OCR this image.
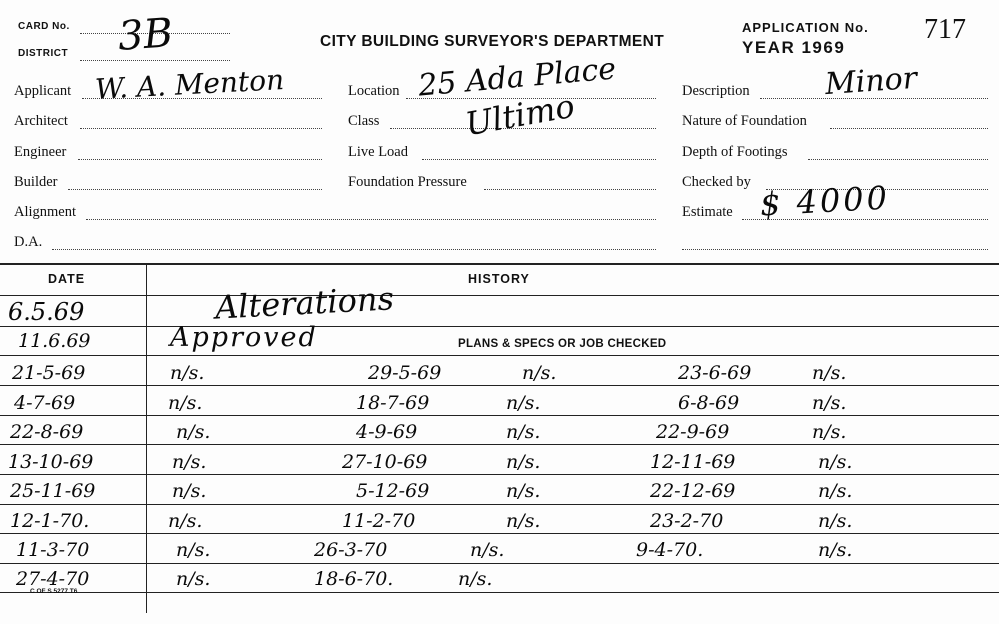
CARD No.
DISTRICT 3B	CITY BUILDING SURVEYOR'S DEPARTMENT
APPLICATION No.
YEAR 1969
717
Applicant W. A. Menton
Architect
Engineer
Builder
Alignment
D.A.
Location 25 Ada Place
Class	Ultimo
Live Load
Foundation Pressure
Description Minor
Nature of Foundation
Depth of Footings
Checked by
Estimate $ 4000
DATE	HISTORY
6.5.69	Alterations
11.6.69	Approved	PLANS & SPECS OR JOB CHECKED
21-5-69	n/s.	29-5-69	n/s.	23-6-69	n/s.
4-7-69	n/s.	18-7-69	n/s.	6-8-69	n/s.
22-8-69	n/s.	4-9-69	n/s.	22-9-69	n/s.
13-10-69	n/s.	27-10-69	n/s.	12-11-69	n/s.
25-11-69	n/s.	5-12-69	n/s.	22-12-69	n/s.
12-1-70.	n/s.	11-2-70	n/s.	23-2-70	n/s.
11-3-70	n/s.	26-3-70	n/s.	9-4-70.	n/s.
27-4-70	n/s.	18-6-70.	n/s.
C OF S 5277 T6
